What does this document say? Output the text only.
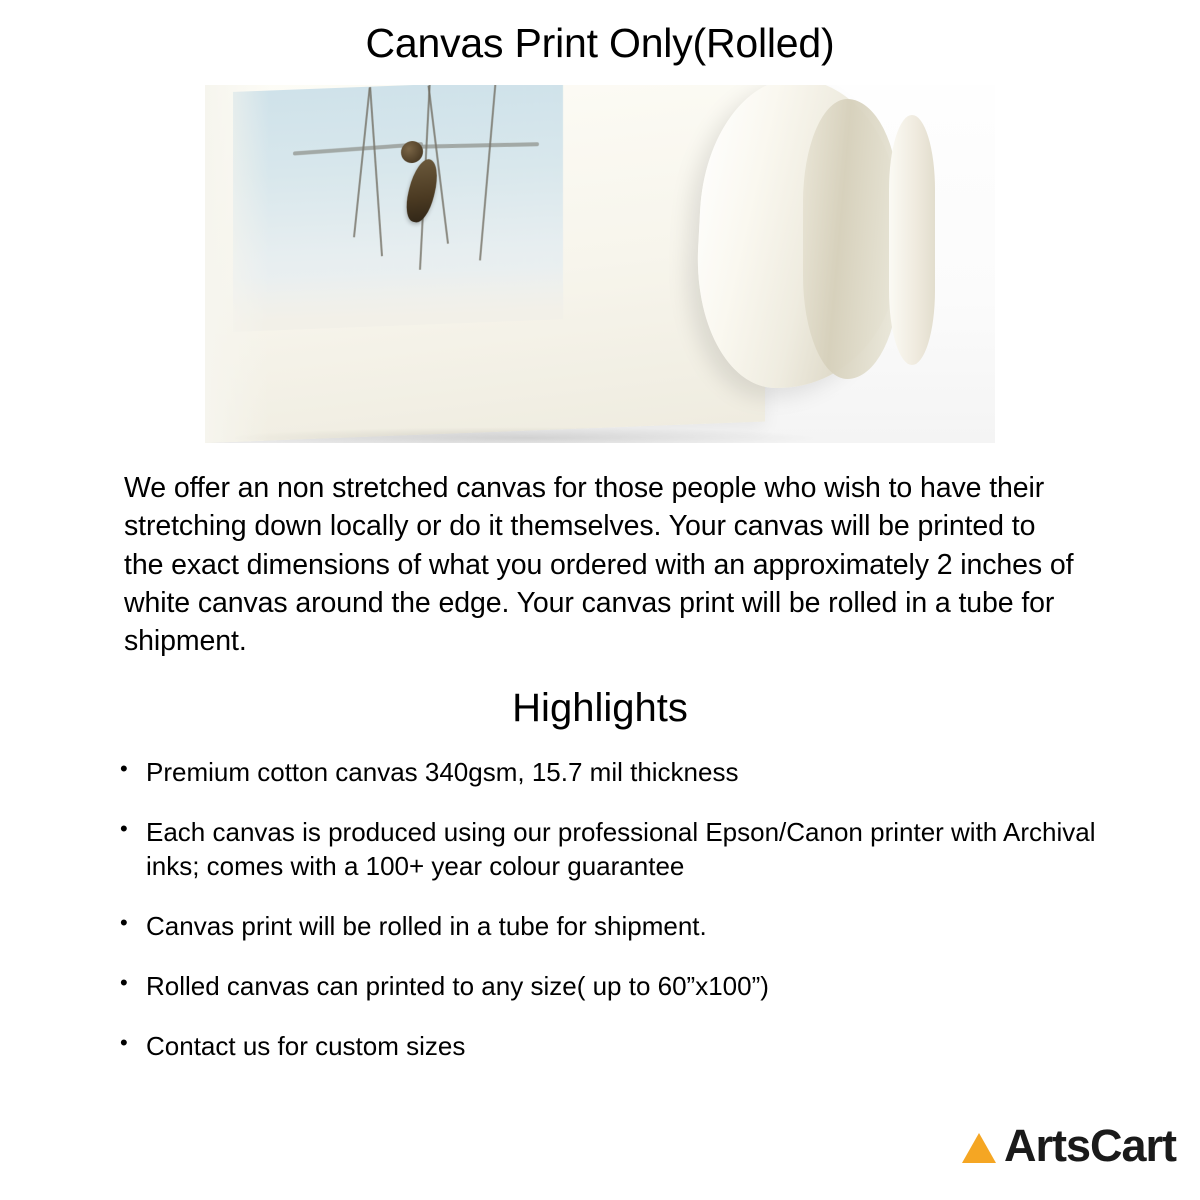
Canvas Print Only(Rolled)

We offer an non stretched canvas for those people who wish to have their stretching down locally or do it themselves. Your canvas will be printed to the exact dimensions of what you ordered with an approximately 2 inches of white canvas around the edge. Your canvas print will be rolled in a tube for shipment.

Highlights
• Premium cotton canvas 340gsm, 15.7 mil thickness
• Each canvas is produced using our professional Epson/Canon printer with Archival inks; comes with a 100+ year colour guarantee
• Canvas print will be rolled in a tube for shipment.
• Rolled canvas can printed to any size( up to 60”x100”)
• Contact us for custom sizes
ArtsCart
